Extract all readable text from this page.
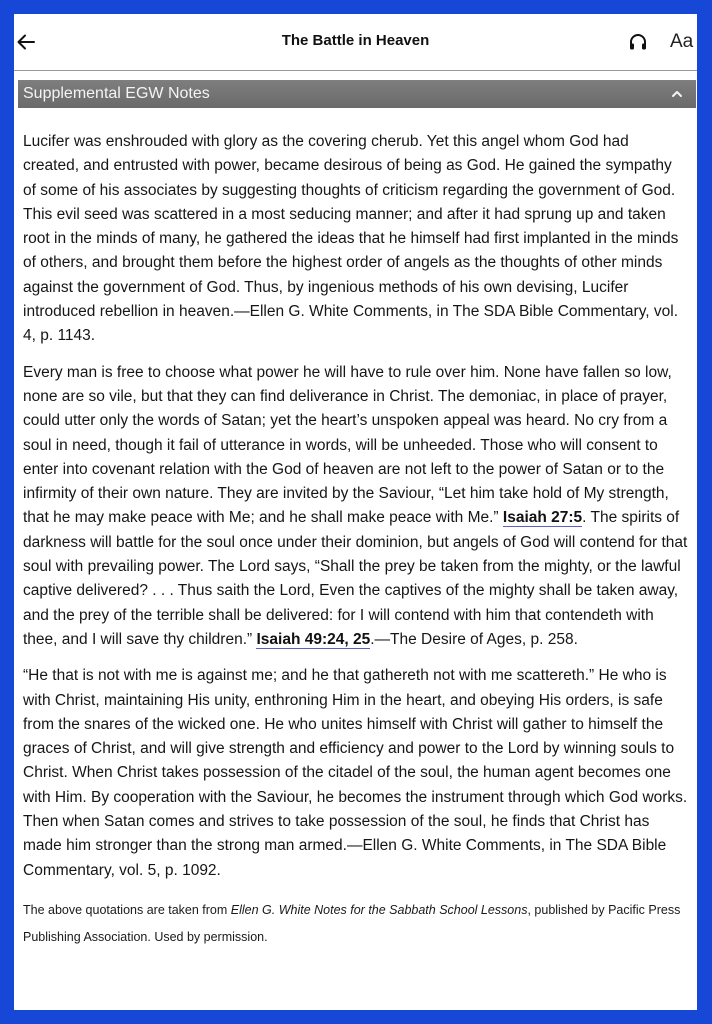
The Battle in Heaven	Aa
Supplemental EGW Notes

Lucifer was enshrouded with glory as the covering cherub. Yet this angel whom God had created, and entrusted with power, became desirous of being as God. He gained the sympathy of some of his associates by suggesting thoughts of criticism regarding the government of God. This evil seed was scattered in a most seducing manner; and after it had sprung up and taken root in the minds of many, he gathered the ideas that he himself had first implanted in the minds of others, and brought them before the highest order of angels as the thoughts of other minds against the government of God. Thus, by ingenious methods of his own devising, Lucifer introduced rebellion in heaven.—Ellen G. White Comments, in The SDA Bible Commentary, vol. 4, p. 1143.

Every man is free to choose what power he will have to rule over him. None have fallen so low, none are so vile, but that they can find deliverance in Christ. The demoniac, in place of prayer, could utter only the words of Satan; yet the heart’s unspoken appeal was heard. No cry from a soul in need, though it fail of utterance in words, will be unheeded. Those who will consent to enter into covenant relation with the God of heaven are not left to the power of Satan or to the infirmity of their own nature. They are invited by the Saviour, “Let him take hold of My strength, that he may make peace with Me; and he shall make peace with Me.” Isaiah 27:5. The spirits of darkness will battle for the soul once under their dominion, but angels of God will contend for that soul with prevailing power. The Lord says, “Shall the prey be taken from the mighty, or the lawful captive delivered? . . . Thus saith the Lord, Even the captives of the mighty shall be taken away, and the prey of the terrible shall be delivered: for I will contend with him that contendeth with thee, and I will save thy children.” Isaiah 49:24, 25.—The Desire of Ages, p. 258.

“He that is not with me is against me; and he that gathereth not with me scattereth.” He who is with Christ, maintaining His unity, enthroning Him in the heart, and obeying His orders, is safe from the snares of the wicked one. He who unites himself with Christ will gather to himself the graces of Christ, and will give strength and efficiency and power to the Lord by winning souls to Christ. When Christ takes possession of the citadel of the soul, the human agent becomes one with Him. By cooperation with the Saviour, he becomes the instrument through which God works. Then when Satan comes and strives to take possession of the soul, he finds that Christ has made him stronger than the strong man armed.—Ellen G. White Comments, in The SDA Bible Commentary, vol. 5, p. 1092.

The above quotations are taken from Ellen G. White Notes for the Sabbath School Lessons, published by Pacific Press Publishing Association. Used by permission.
